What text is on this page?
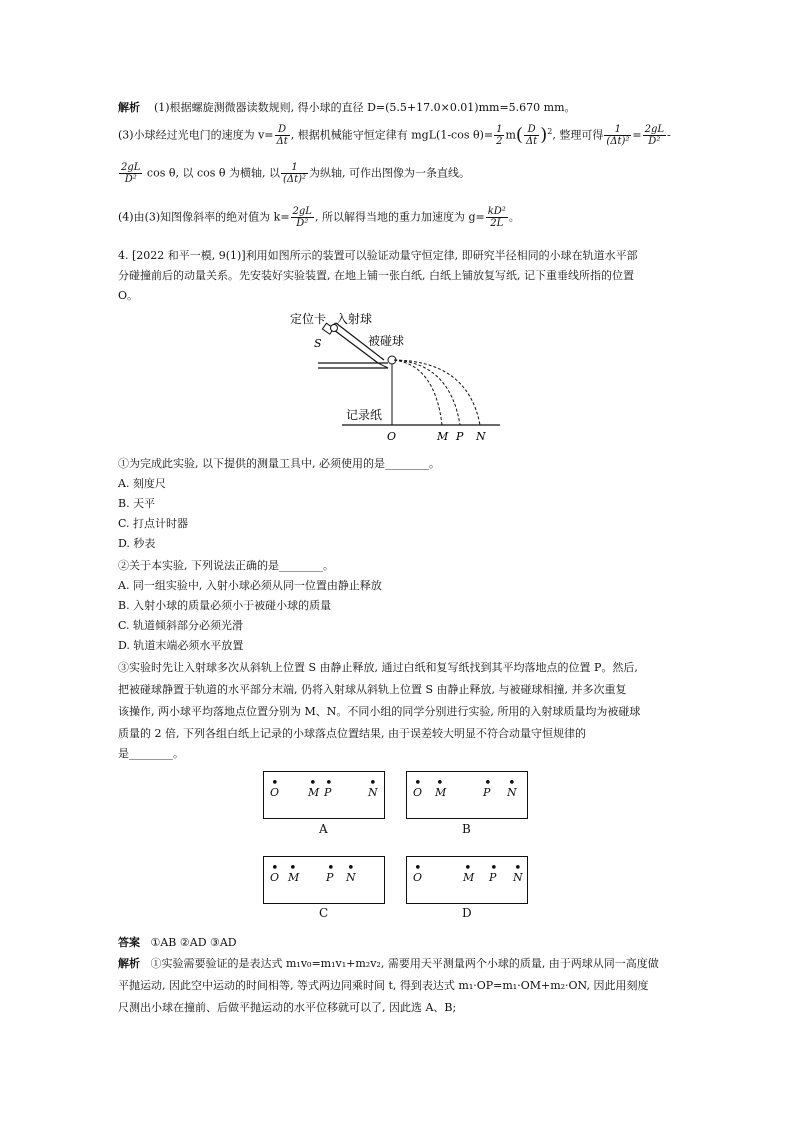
解析 (1)根据螺旋测微器读数规则, 得小球的直径 D=(5.5+17.0×0.01)mm=5.670 mm。
(3)小球经过光电门的速度为 $v= \frac{D}{\Delta t}$ , 根据机械能守恒定律有 mgL(1-cos $\theta)= \frac{1}{2} m( \frac{D}{\Delta t} )^2$, 整理可得 $\frac{1}{\text{(Δt)²}} = \frac{2gL}{\text{D²}}$ -
$\frac{2gL}{\text{D²}}$ cos θ, 以 cos θ 为横轴, 以 $\frac{1}{\text{(Δt)²}}$ 为纵轴, 可作出图像为一条直线。
(4)由(3)知图像斜率的绝对值为 $k= \frac{2gL}{\text{D²}}$ , 所以解得当地的重力加速度为 $g= \frac{\text{kD²}}{2L}$ 。
4. [2022 和平一模, 9(1)]利用如图所示的装置可以验证动量守恒定律, 即研究半径相同的小球在轨道水平部
分碰撞前后的动量关系。先安装好实验装置, 在地上铺一张白纸, 白纸上铺放复写纸, 记下重垂线所指的位置
O。
定位卡 入射球
S	被碰球
记录纸
O	M P N
①为完成此实验, 以下提供的测量工具中, 必须使用的是________。
A. 刻度尺
B. 天平
C. 打点计时器
D. 秒表
②关于本实验, 下列说法正确的是________。
A. 同一组实验中, 入射小球必须从同一位置由静止释放
B. 入射小球的质量必须小于被碰小球的质量
C. 轨道倾斜部分必须光滑
D. 轨道末端必须水平放置
③实验时先让入射球多次从斜轨上位置 S 由静止释放, 通过白纸和复写纸找到其平均落地点的位置 P。然后,
把被碰球静置于轨道的水平部分末端, 仍将入射球从斜轨上位置 S 由静止释放, 与被碰球相撞, 并多次重复
该操作, 两小球平均落地点位置分别为 M、N。不同小组的同学分别进行实验, 所用的入射球质量均为被碰球
质量的 2 倍, 下列各组白纸上记录的小球落点位置结果, 由于误差较大明显不符合动量守恒规律的
是________。
• O	• M • P	• N
A
• O • M	• P • N
B
• O • M • P • N
C
• O	• M • P • N
D
答案 ①AB ②AD ③AD
解析 ①实验需要验证的是表达式 m₁v₀=m₁v₁+m₂v₂, 需要用天平测量两个小球的质量, 由于两球从同一高度做
平抛运动, 因此空中运动的时间相等, 等式两边同乘时间 t, 得到表达式 m₁·OP=m₁·OM+m₂·ON, 因此用刻度
尺测出小球在撞前、后做平抛运动的水平位移就可以了, 因此选 A、B;
